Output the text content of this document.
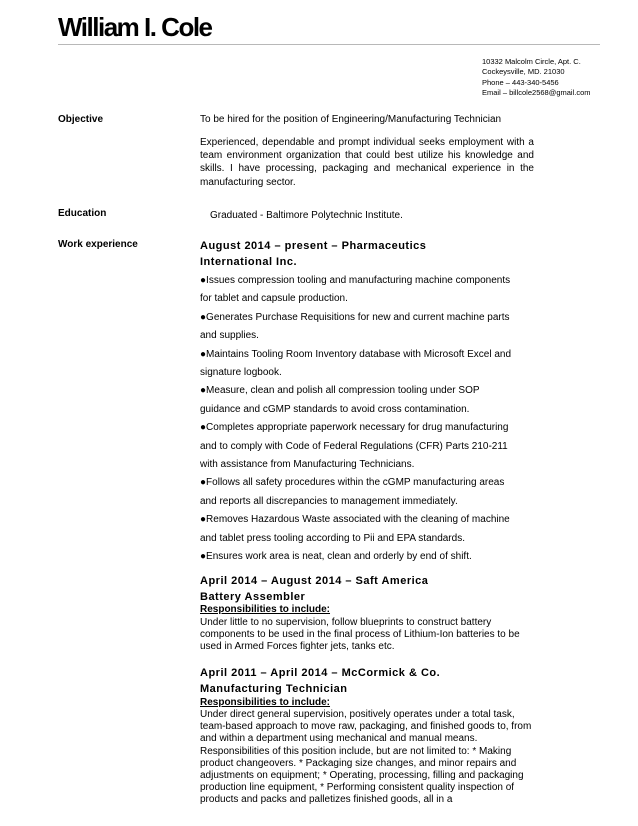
William I. Cole
10332 Malcolm Circle, Apt. C.
Cockeysville, MD. 21030
Phone – 443-340-5456
Email – billcole2568@gmail.com
Objective	To be hired for the position of Engineering/Manufacturing Technician
Experienced, dependable and prompt individual seeks employment with a team environment organization that could best utilize his knowledge and skills. I have processing, packaging and mechanical experience in the manufacturing sector.
Education	Graduated - Baltimore Polytechnic Institute.
Work experience	August 2014 – present – Pharmaceutics
International Inc.
●Issues compression tooling and manufacturing machine components
for tablet and capsule production.
●Generates Purchase Requisitions for new and current machine parts
and supplies.
●Maintains Tooling Room Inventory database with Microsoft Excel and
signature logbook.
●Measure, clean and polish all compression tooling under SOP
guidance and cGMP standards to avoid cross contamination.
●Completes appropriate paperwork necessary for drug manufacturing
and to comply with Code of Federal Regulations (CFR) Parts 210-211
with assistance from Manufacturing Technicians.
●Follows all safety procedures within the cGMP manufacturing areas
and reports all discrepancies to management immediately.
●Removes Hazardous Waste associated with the cleaning of machine
and tablet press tooling according to Pii and EPA standards.
●Ensures work area is neat, clean and orderly by end of shift.
April 2014 – August 2014 – Saft America
Battery Assembler
Responsibilities to include:
Under little to no supervision, follow blueprints to construct battery components to be used in the final process of Lithium-Ion batteries to be used in Armed Forces fighter jets, tanks etc.
April 2011 – April 2014 – McCormick & Co.
Manufacturing Technician
Responsibilities to include:
Under direct general supervision, positively operates under a total task, team-based approach to move raw, packaging, and finished goods to, from and within a department using mechanical and manual means. Responsibilities of this position include, but are not limited to: * Making product changeovers. * Packaging size changes, and minor repairs and adjustments on equipment; * Operating, processing, filling and packaging production line equipment, * Performing consistent quality inspection of products and packs and palletizes finished goods, all in a
